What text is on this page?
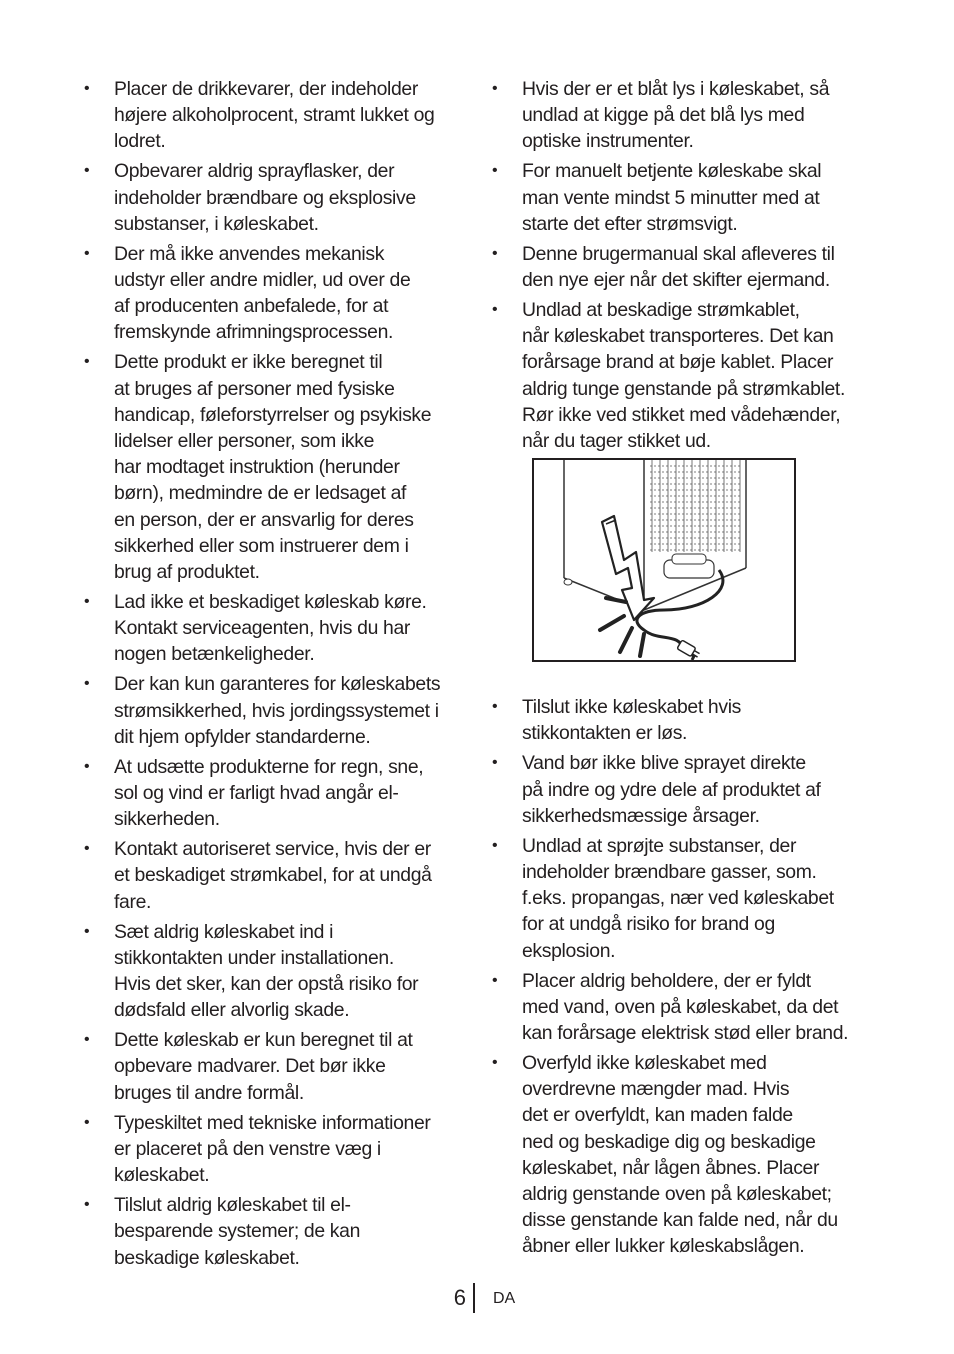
• Placer de drikkevarer, der indeholder
højere alkoholprocent, stramt lukket og
lodret.
• Opbevarer aldrig sprayflasker, der
indeholder brændbare og eksplosive
substanser, i køleskabet.
• Der må ikke anvendes mekanisk
udstyr eller andre midler, ud over de
af producenten anbefalede, for at
fremskynde afrimningsprocessen.
• Dette produkt er ikke beregnet til
at bruges af personer med fysiske
handicap, føleforstyrrelser og psykiske
lidelser eller personer, som ikke
har modtaget instruktion (herunder
børn), medmindre de er ledsaget af
en person, der er ansvarlig for deres
sikkerhed eller som instruerer dem i
brug af produktet.
• Lad ikke et beskadiget køleskab køre.
Kontakt serviceagenten, hvis du har
nogen betænkeligheder.
• Der kan kun garanteres for køleskabets
strømsikkerhed, hvis jordingssystemet i
dit hjem opfylder standarderne.
• At udsætte produkterne for regn, sne,
sol og vind er farligt hvad angår el-
sikkerheden.
• Kontakt autoriseret service, hvis der er
et beskadiget strømkabel, for at undgå
fare.
• Sæt aldrig køleskabet ind i
stikkontakten under installationen.
Hvis det sker, kan der opstå risiko for
dødsfald eller alvorlig skade.
• Dette køleskab er kun beregnet til at
opbevare madvarer. Det bør ikke
bruges til andre formål.
• Typeskiltet med tekniske informationer
er placeret på den venstre væg i
køleskabet.
• Tilslut aldrig køleskabet til el-
besparende systemer; de kan
beskadige køleskabet.
• Hvis der er et blåt lys i køleskabet, så
undlad at kigge på det blå lys med
optiske instrumenter.
• For manuelt betjente køleskabe skal
man vente mindst 5 minutter med at
starte det efter strømsvigt.
• Denne brugermanual skal afleveres til
den nye ejer når det skifter ejermand.
• Undlad at beskadige strømkablet,
når køleskabet transporteres. Det kan
forårsage brand at bøje kablet. Placer
aldrig tunge genstande på strømkablet.
Rør ikke ved stikket med vådehænder,
når du tager stikket ud.
• Tilslut ikke køleskabet hvis
stikkontakten er løs.
• Vand bør ikke blive sprayet direkte
på indre og ydre dele af produktet af
sikkerhedsmæssige årsager.
• Undlad at sprøjte substanser, der
indeholder brændbare gasser, som.
f.eks. propangas, nær ved køleskabet
for at undgå risiko for brand og
eksplosion.
• Placer aldrig beholdere, der er fyldt
med vand, oven på køleskabet, da det
kan forårsage elektrisk stød eller brand.
• Overfyld ikke køleskabet med
overdrevne mængder mad. Hvis
det er overfyldt, kan maden falde
ned og beskadige dig og beskadige
køleskabet, når lågen åbnes. Placer
aldrig genstande oven på køleskabet;
disse genstande kan falde ned, når du
åbner eller lukker køleskabslågen.
6 DA
